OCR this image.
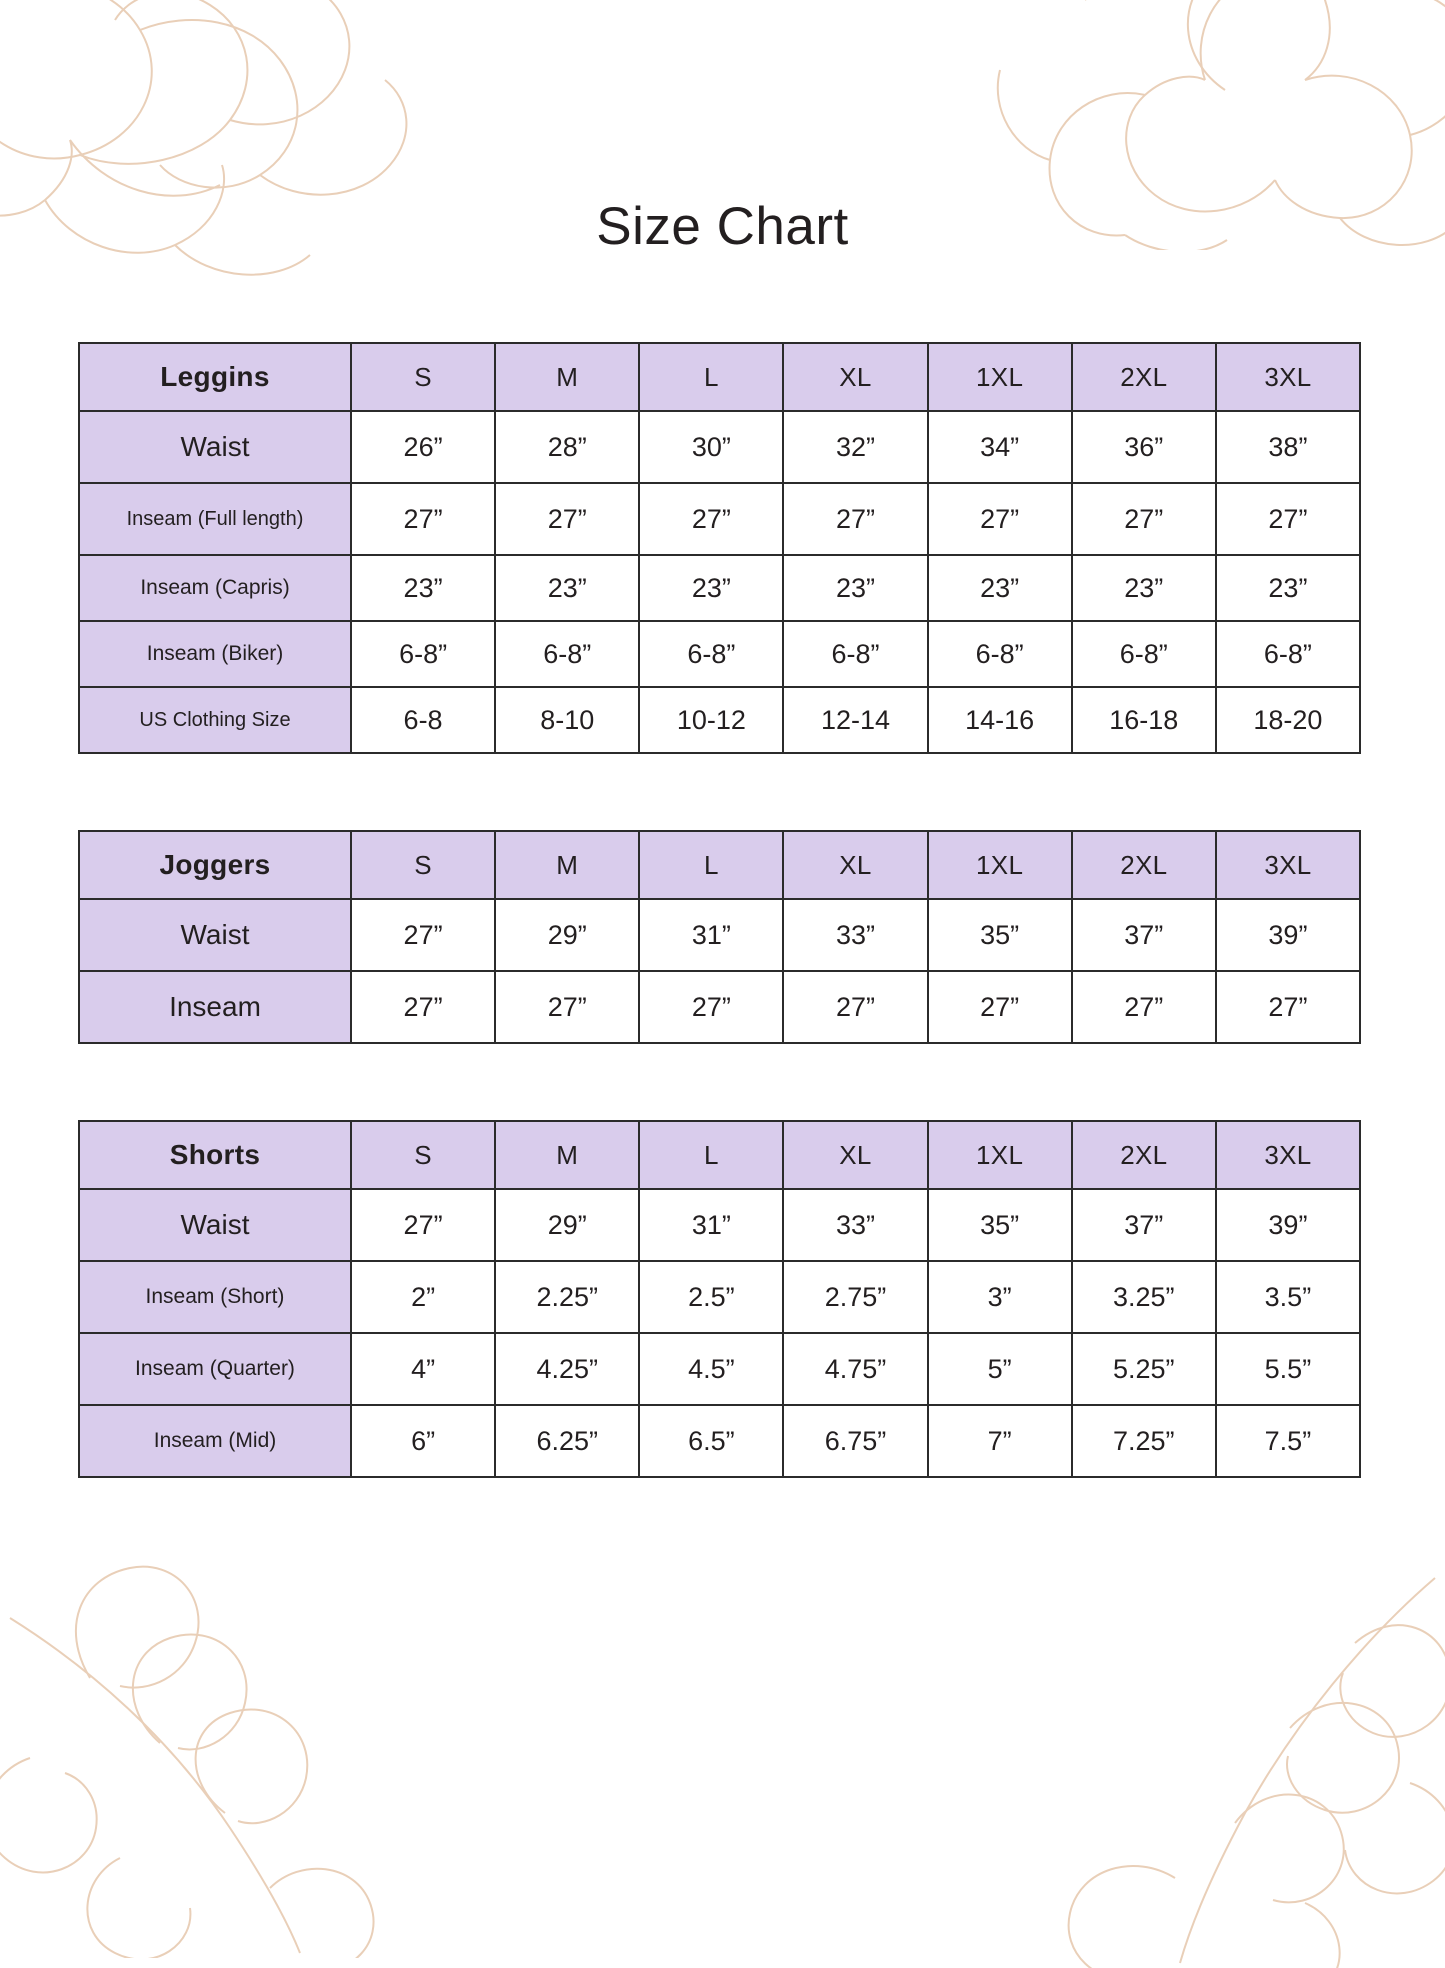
Size Chart
Leggins	S	M	L	XL	1XL	2XL	3XL
Waist	26”	28”	30”	32”	34”	36”	38”
Inseam (Full length)	27”	27”	27”	27”	27”	27”	27”
Inseam (Capris)	23”	23”	23”	23”	23”	23”	23”
Inseam (Biker)	6-8”	6-8”	6-8”	6-8”	6-8”	6-8”	6-8”
US Clothing Size	6-8	8-10	10-12	12-14	14-16	16-18	18-20
Joggers	S	M	L	XL	1XL	2XL	3XL
Waist	27”	29”	31”	33”	35”	37”	39”
Inseam	27”	27”	27”	27”	27”	27”	27”
Shorts	S	M	L	XL	1XL	2XL	3XL
Waist	27”	29”	31”	33”	35”	37”	39”
Inseam (Short)	2”	2.25”	2.5”	2.75”	3”	3.25”	3.5”
Inseam (Quarter)	4”	4.25”	4.5”	4.75”	5”	5.25”	5.5”
Inseam (Mid)	6”	6.25”	6.5”	6.75”	7”	7.25”	7.5”
